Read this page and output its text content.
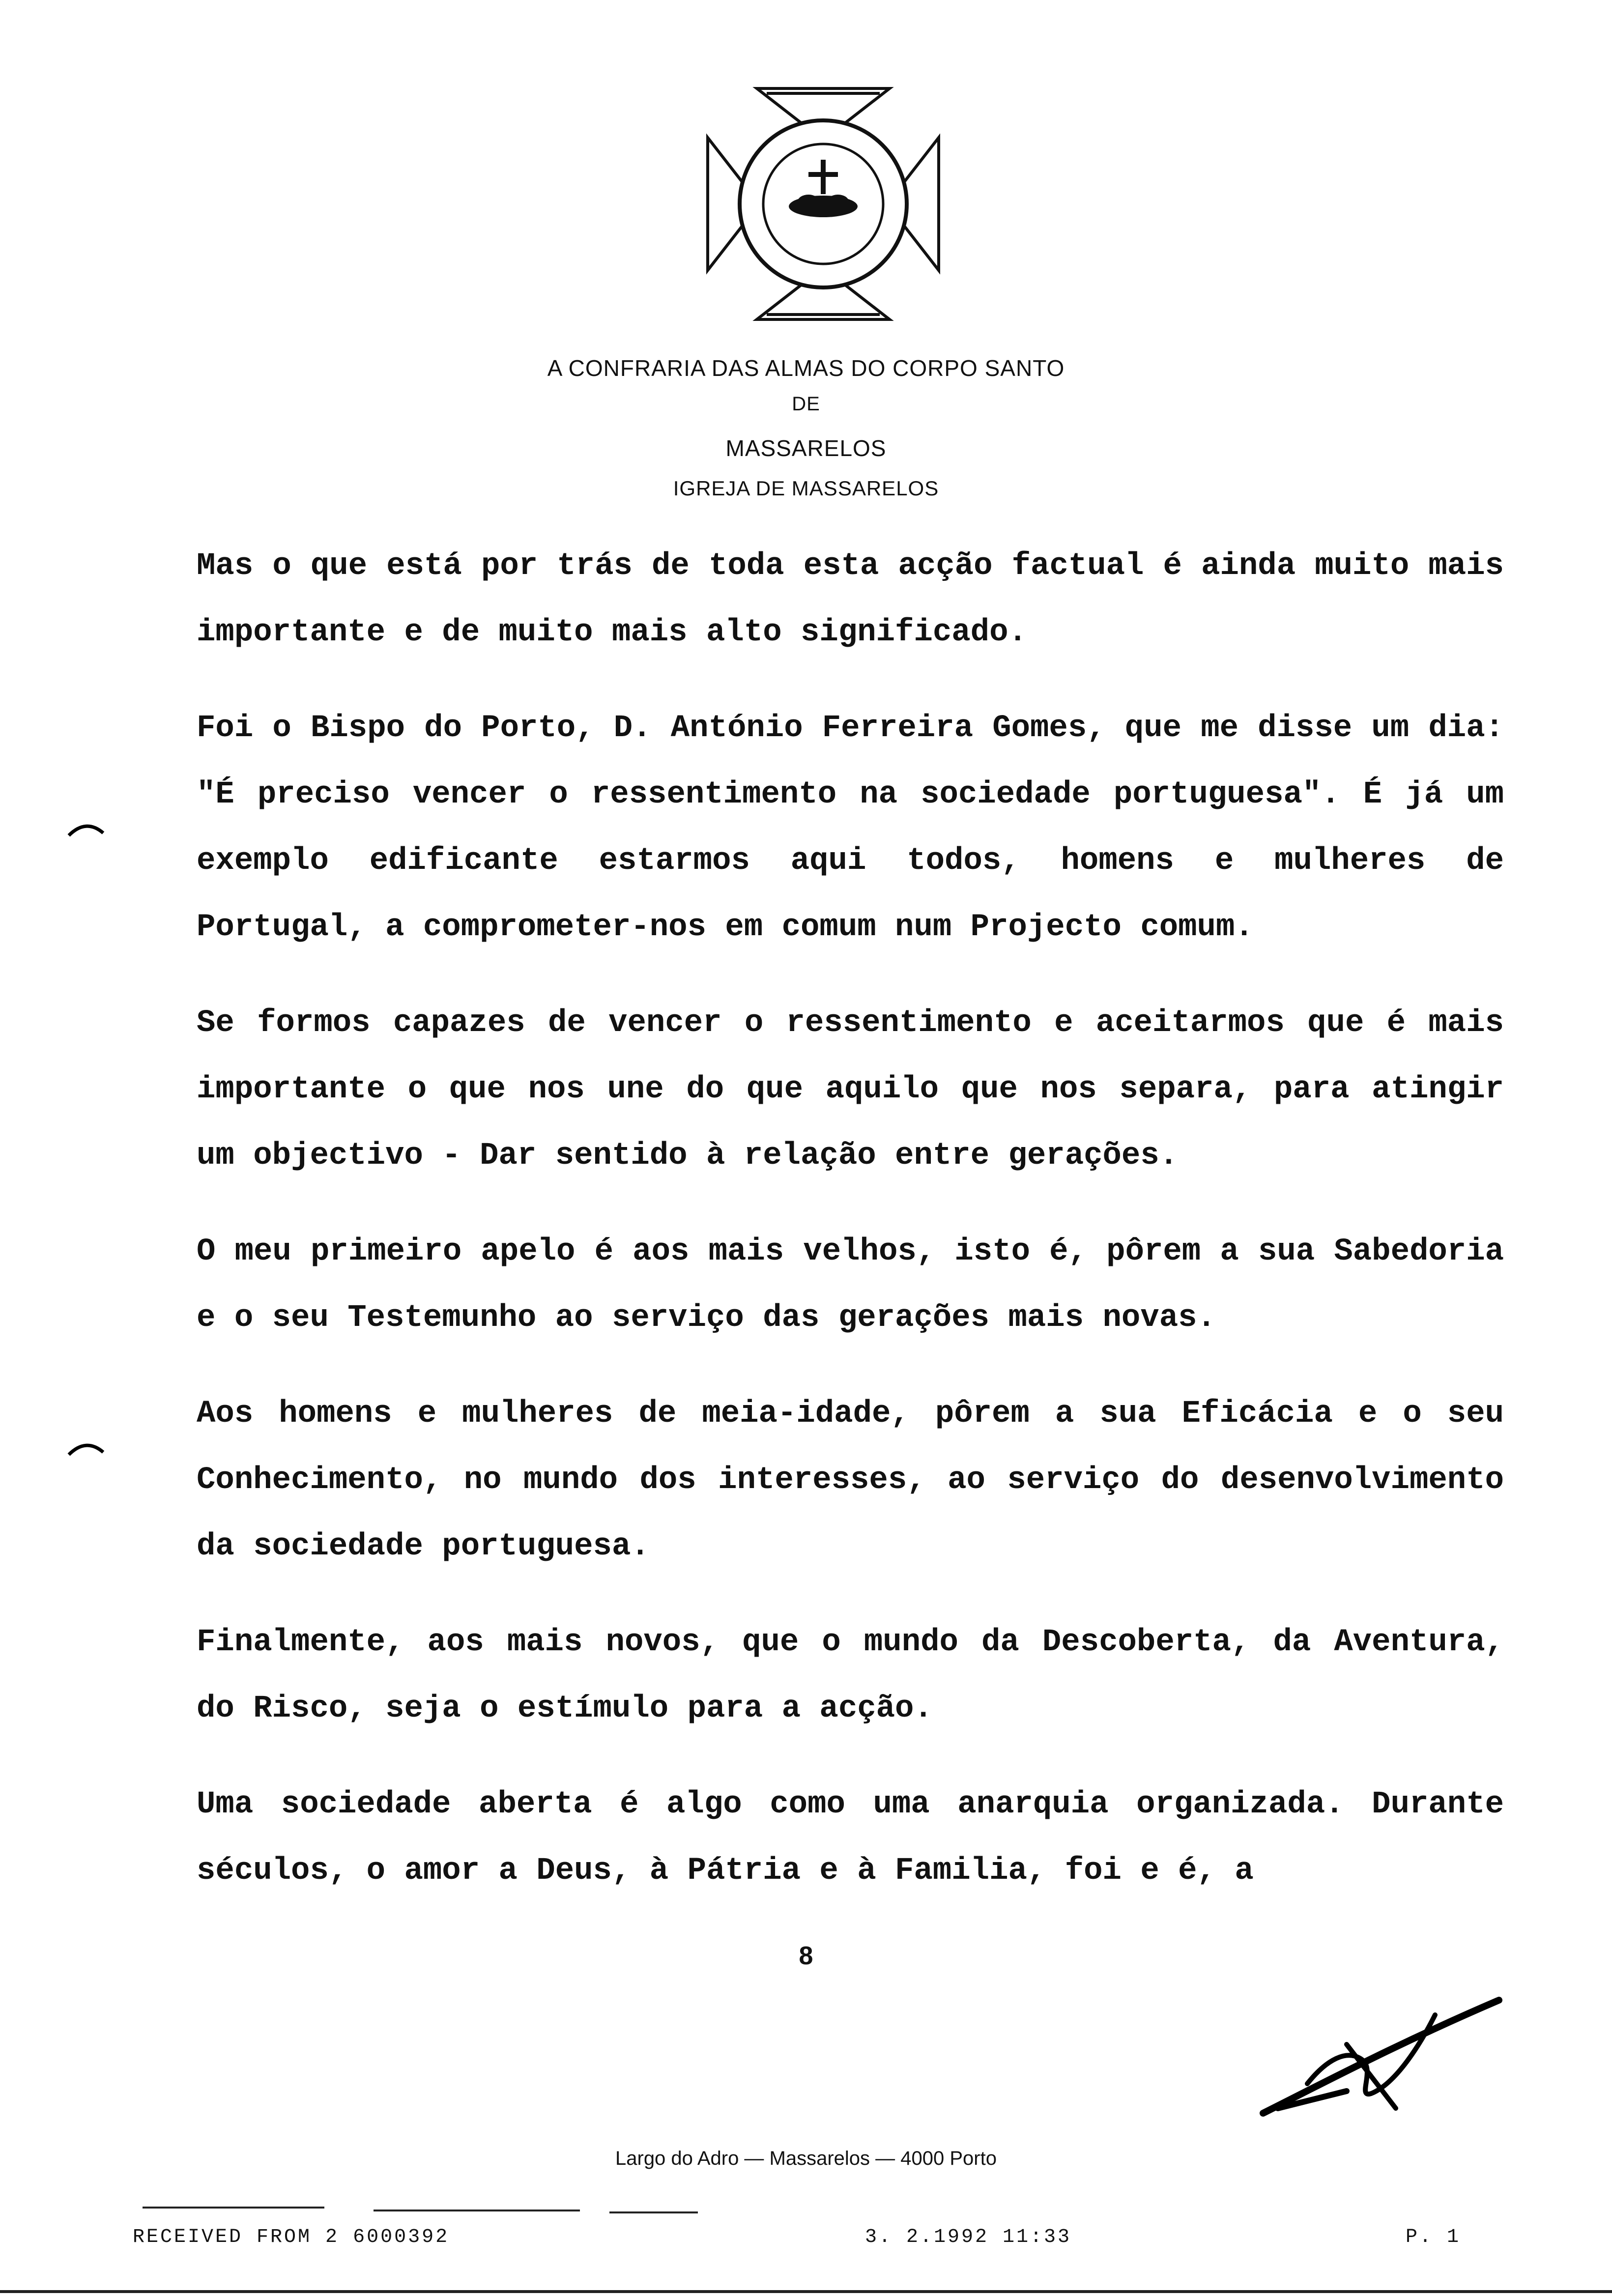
A CONFRARIA DAS ALMAS DO CORPO SANTO
DE
MASSARELOS
IGREJA DE MASSARELOS

Mas o que está por trás de toda esta acção factual é ainda muito mais importante e de muito mais alto significado.

Foi o Bispo do Porto, D. António Ferreira Gomes, que me disse um dia: "É preciso vencer o ressentimento na sociedade portuguesa". É já um exemplo edificante estarmos aqui todos, homens e mulheres de Portugal, a comprometer-nos em comum num Projecto comum.

Se formos capazes de vencer o ressentimento e aceitarmos que é mais importante o que nos une do que aquilo que nos separa, para atingir um objectivo - Dar sentido à relação entre gerações.

O meu primeiro apelo é aos mais velhos, isto é, pôrem a sua Sabedoria e o seu Testemunho ao serviço das gerações mais novas.

Aos homens e mulheres de meia-idade, pôrem a sua Eficácia e o seu Conhecimento, no mundo dos interesses, ao serviço do desenvolvimento da sociedade portuguesa.

Finalmente, aos mais novos, que o mundo da Descoberta, da Aventura, do Risco, seja o estímulo para a acção.

Uma sociedade aberta é algo como uma anarquia organizada. Durante séculos, o amor a Deus, à Pátria e à Familia, foi e é, a

8
Largo do Adro — Massarelos — 4000 Porto
RECEIVED FROM 2 6000392	3. 2.1992 11:33	P. 1
